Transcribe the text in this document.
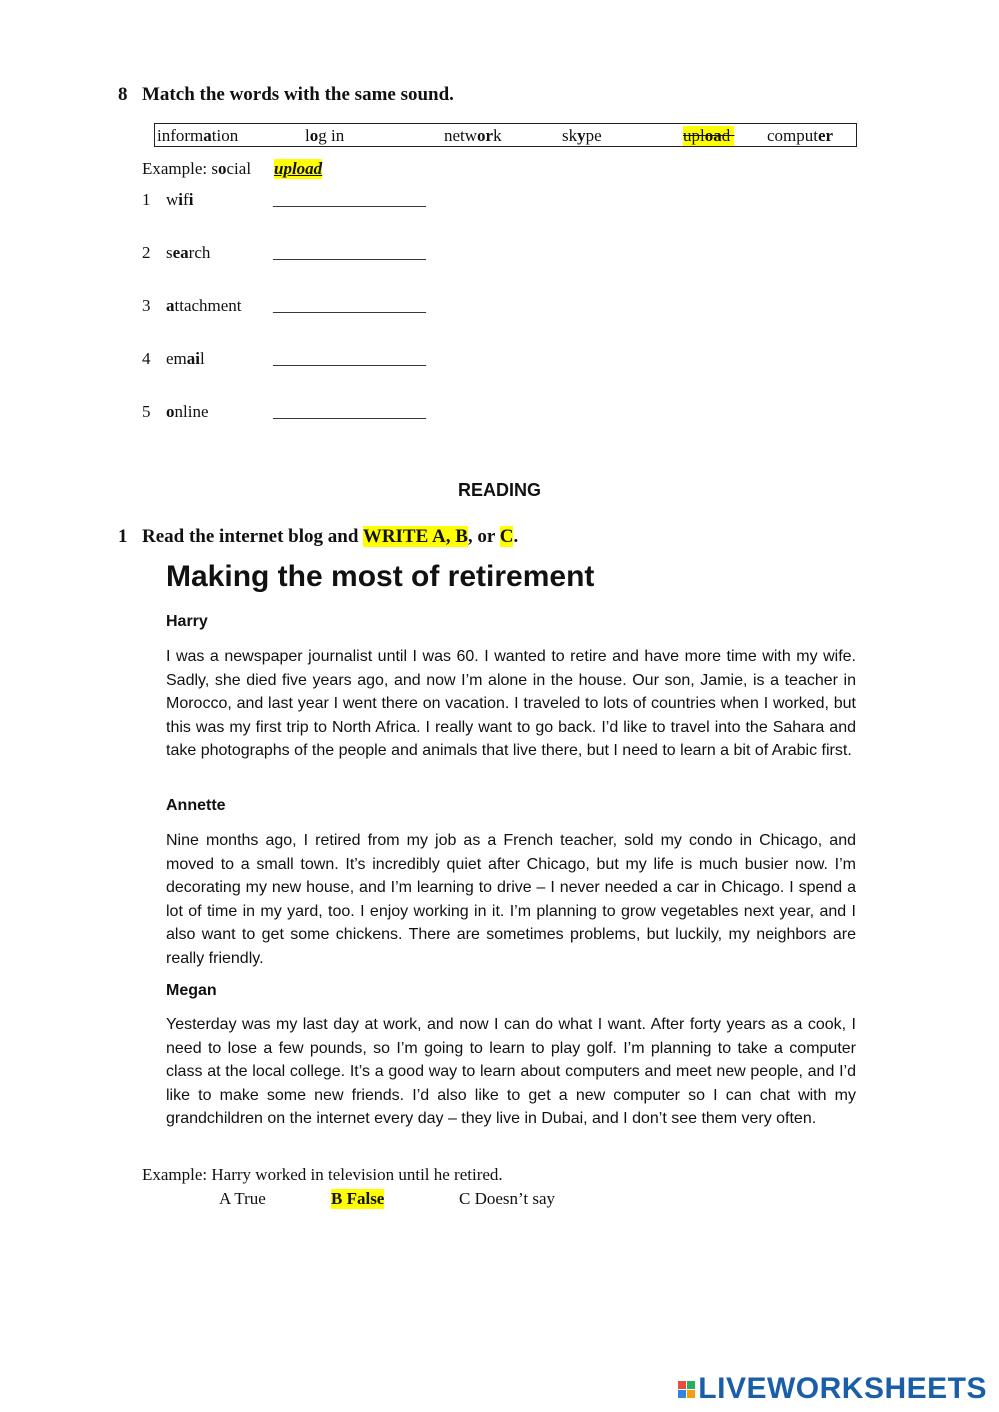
8 Match the words with the same sound.
information	log in	network	skype	upload computer
Example: social upload
1 wifi	__________________
2 search	__________________
3 attachment __________________
4 email	__________________
5 online	__________________
READING
1 Read the internet blog and WRITE A, B, or C.
Making the most of retirement
Harry
I was a newspaper journalist until I was 60. I wanted to retire and have more time with my wife. Sadly, she died five years ago, and now I’m alone in the house. Our son, Jamie, is a teacher in Morocco, and last year I went there on vacation. I traveled to lots of countries when I worked, but this was my first trip to North Africa. I really want to go back. I’d like to travel into the Sahara and take photographs of the people and animals that live there, but I need to learn a bit of Arabic first.
Annette
Nine months ago, I retired from my job as a French teacher, sold my condo in Chicago, and moved to a small town. It’s incredibly quiet after Chicago, but my life is much busier now. I’m decorating my new house, and I’m learning to drive – I never needed a car in Chicago. I spend a lot of time in my yard, too. I enjoy working in it. I’m planning to grow vegetables next year, and I also want to get some chickens. There are sometimes problems, but luckily, my neighbors are really friendly.
Megan
Yesterday was my last day at work, and now I can do what I want. After forty years as a cook, I need to lose a few pounds, so I’m going to learn to play golf. I’m planning to take a computer class at the local college. It’s a good way to learn about computers and meet new people, and I’d like to make some new friends. I’d also like to get a new computer so I can chat with my grandchildren on the internet every day – they live in Dubai, and I don’t see them very often.
Example: Harry worked in television until he retired.
A True	B False	C Doesn’t say
LIVEWORKSHEETS
